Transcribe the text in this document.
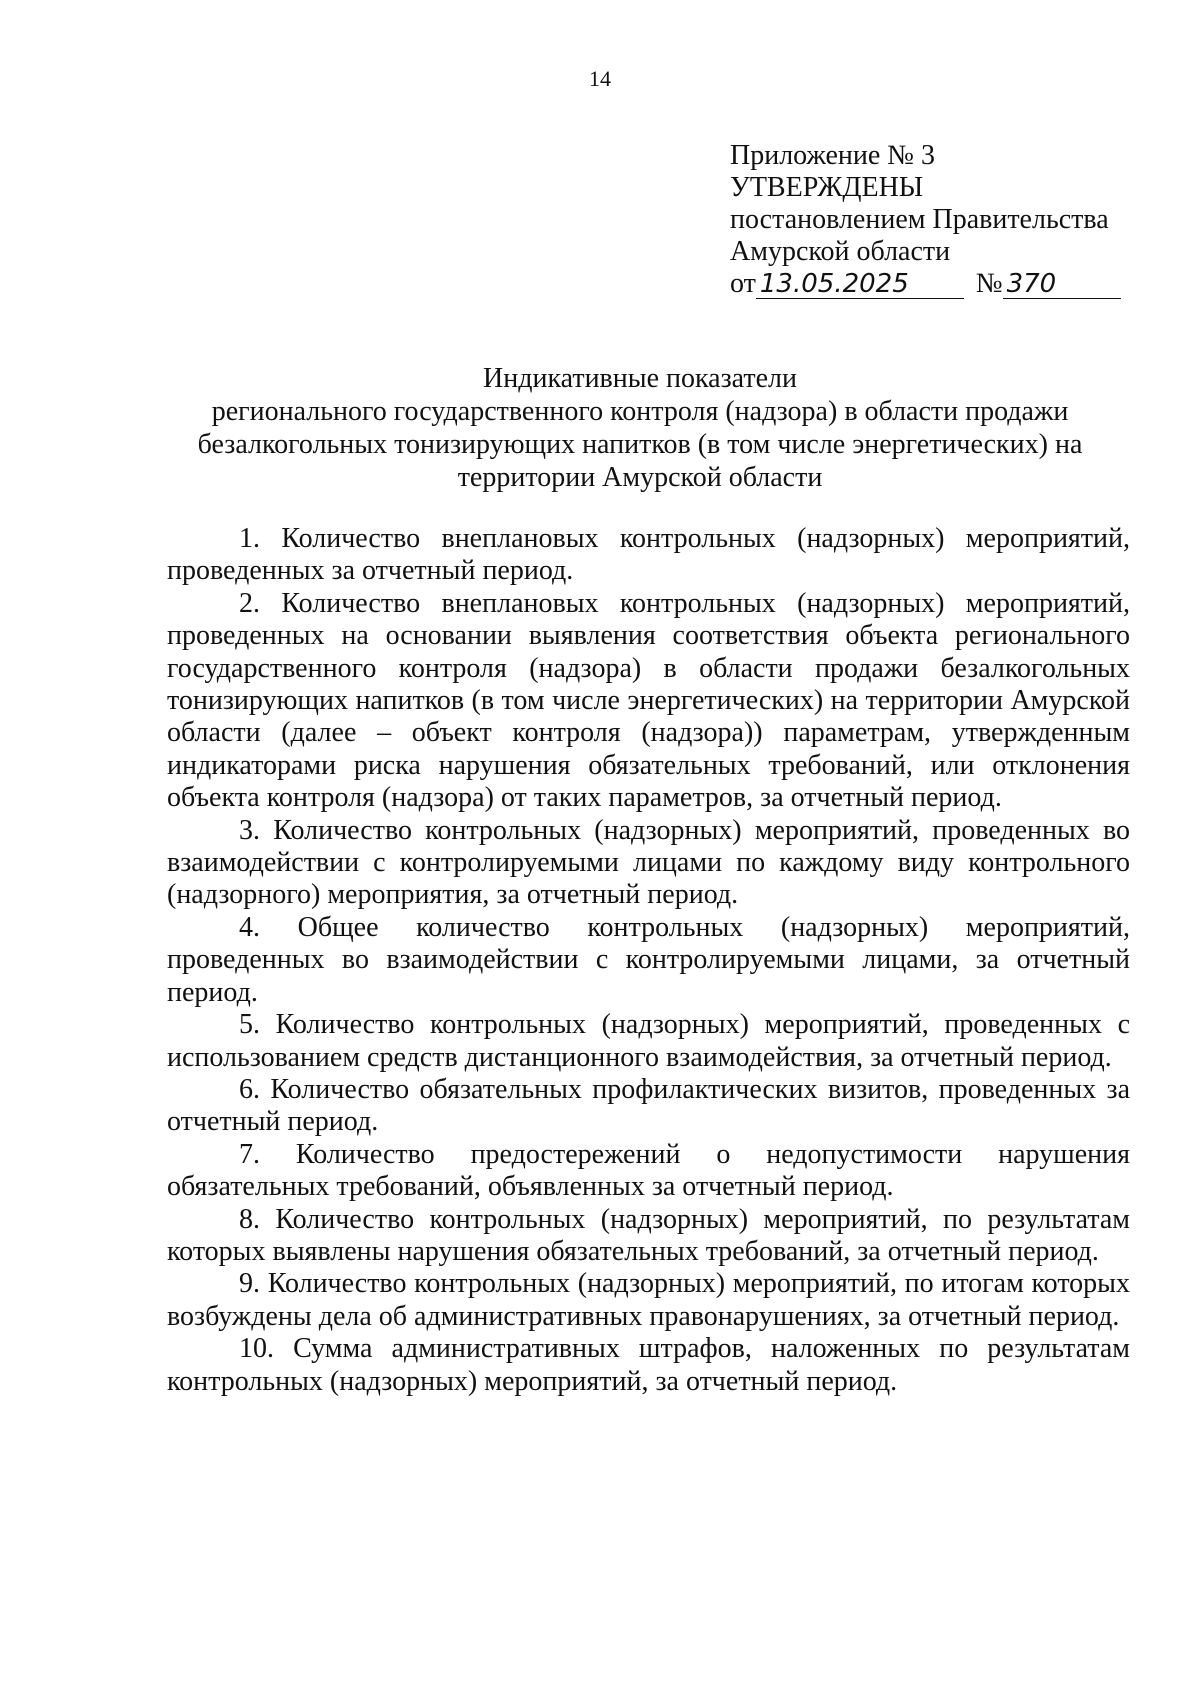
14
Приложение № 3
УТВЕРЖДЕНЫ
постановлением Правительства
Амурской области
от 13.05.2025 № 370
Индикативные показатели
регионального государственного контроля (надзора) в области продажи
безалкогольных тонизирующих напитков (в том числе энергетических) на
территории Амурской области

1. Количество внеплановых контрольных (надзорных) мероприятий, проведенных за отчетный период.

2. Количество внеплановых контрольных (надзорных) мероприятий, проведенных на основании выявления соответствия объекта регионального государственного контроля (надзора) в области продажи безалкогольных тонизирующих напитков (в том числе энергетических) на территории Амурской области (далее – объект контроля (надзора)) параметрам, утвержденным индикаторами риска нарушения обязательных требований, или отклонения объекта контроля (надзора) от таких параметров, за отчетный период.

3. Количество контрольных (надзорных) мероприятий, проведенных во взаимодействии с контролируемыми лицами по каждому виду контрольного (надзорного) мероприятия, за отчетный период.

4. Общее количество контрольных (надзорных) мероприятий, проведенных во взаимодействии с контролируемыми лицами, за отчетный период.

5. Количество контрольных (надзорных) мероприятий, проведенных с использованием средств дистанционного взаимодействия, за отчетный период.

6. Количество обязательных профилактических визитов, проведенных за отчетный период.

7. Количество предостережений о недопустимости нарушения обязательных требований, объявленных за отчетный период.

8. Количество контрольных (надзорных) мероприятий, по результатам которых выявлены нарушения обязательных требований, за отчетный период.

9. Количество контрольных (надзорных) мероприятий, по итогам которых возбуждены дела об административных правонарушениях, за отчетный период.

10. Сумма административных штрафов, наложенных по результатам контрольных (надзорных) мероприятий, за отчетный период.
